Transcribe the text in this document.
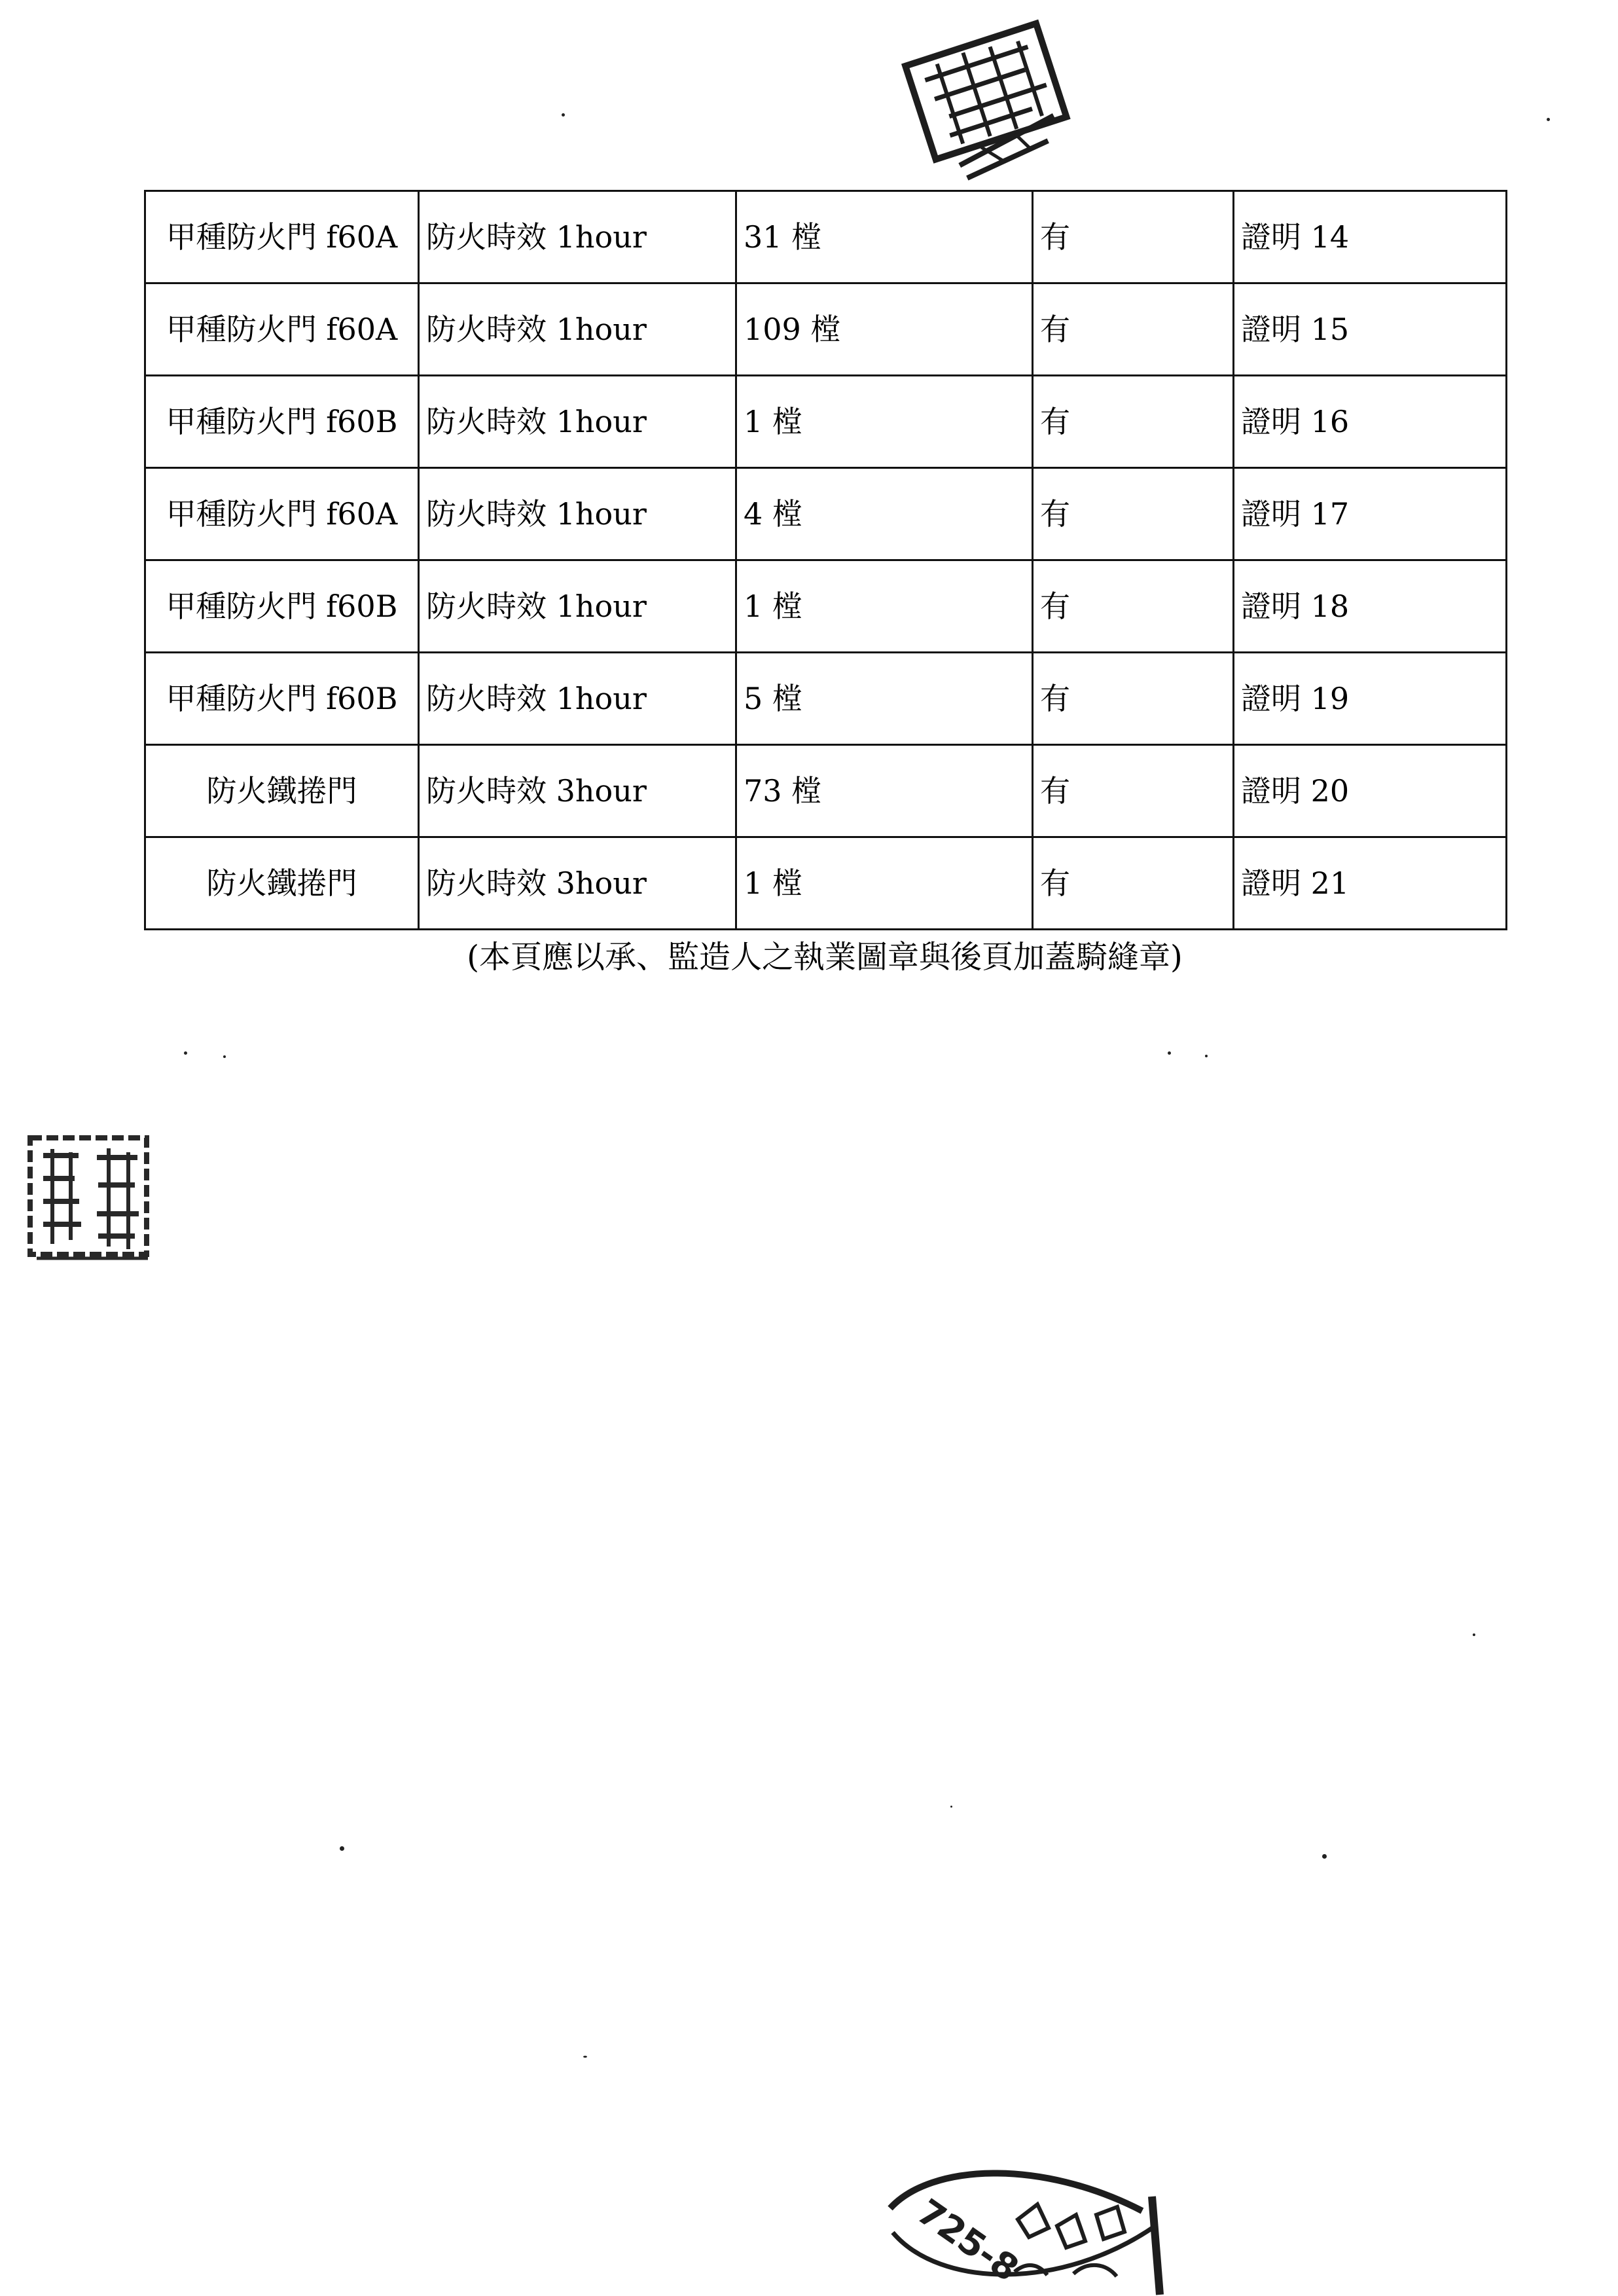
甲種防火門 f60A	防火時效 1hour	31 樘	有	證明 14
甲種防火門 f60A	防火時效 1hour	109 樘	有	證明 15
甲種防火門 f60B	防火時效 1hour	1 樘	有	證明 16
甲種防火門 f60A	防火時效 1hour	4 樘	有	證明 17
甲種防火門 f60B	防火時效 1hour	1 樘	有	證明 18
甲種防火門 f60B	防火時效 1hour	5 樘	有	證明 19
防火鐵捲門	防火時效 3hour	73 樘	有	證明 20
防火鐵捲門	防火時效 3hour	1 樘	有	證明 21
(本頁應以承、監造人之執業圖章與後頁加蓋騎縫章)
725-8
